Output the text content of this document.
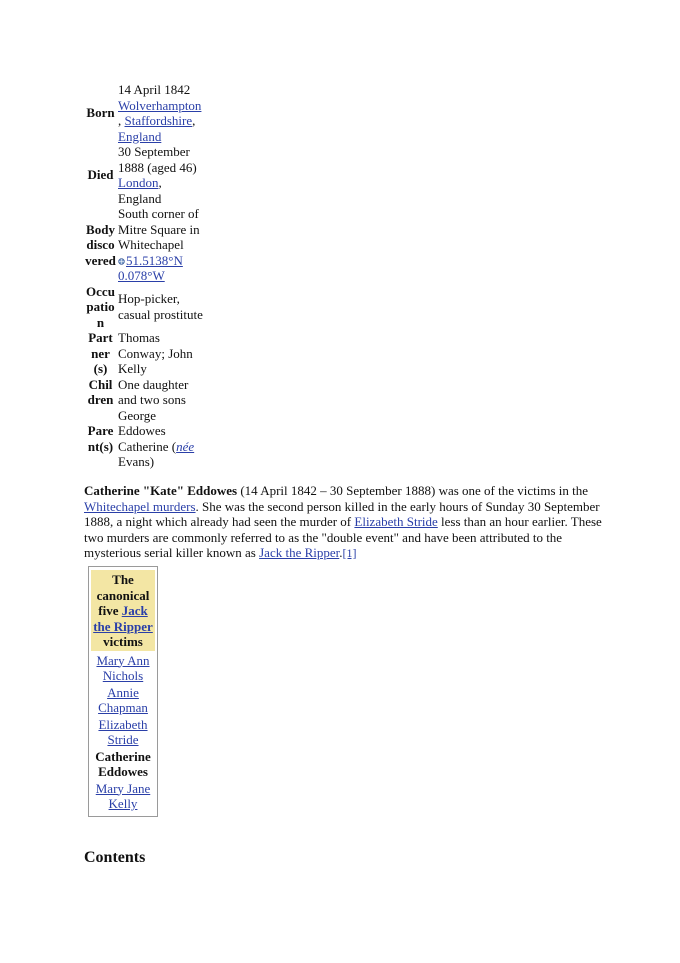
Born	14 April 1842
Wolverhampton
, Staffordshire,
England
Died	30 September 1888 (aged 46)
London,
England
Body discovered	South corner of Mitre Square in Whitechapel
51.5138°N 0.078°W
Occupation	Hop-picker, casual prostitute
Partner(s)	Thomas Conway; John Kelly
Children	One daughter and two sons
Parent(s)	George Eddowes Catherine (née Evans)

Catherine "Kate" Eddowes (14 April 1842 – 30 September 1888) was one of the victims in the Whitechapel murders. She was the second person killed in the early hours of Sunday 30 September 1888, a night which already had seen the murder of Elizabeth Stride less than an hour earlier. These two murders are commonly referred to as the "double event" and have been attributed to the mysterious serial killer known as Jack the Ripper.[1]

The canonical five Jack the Ripper
victims
Mary Ann Nichols
Annie Chapman
Elizabeth Stride
Catherine Eddowes
Mary Jane Kelly
Contents
